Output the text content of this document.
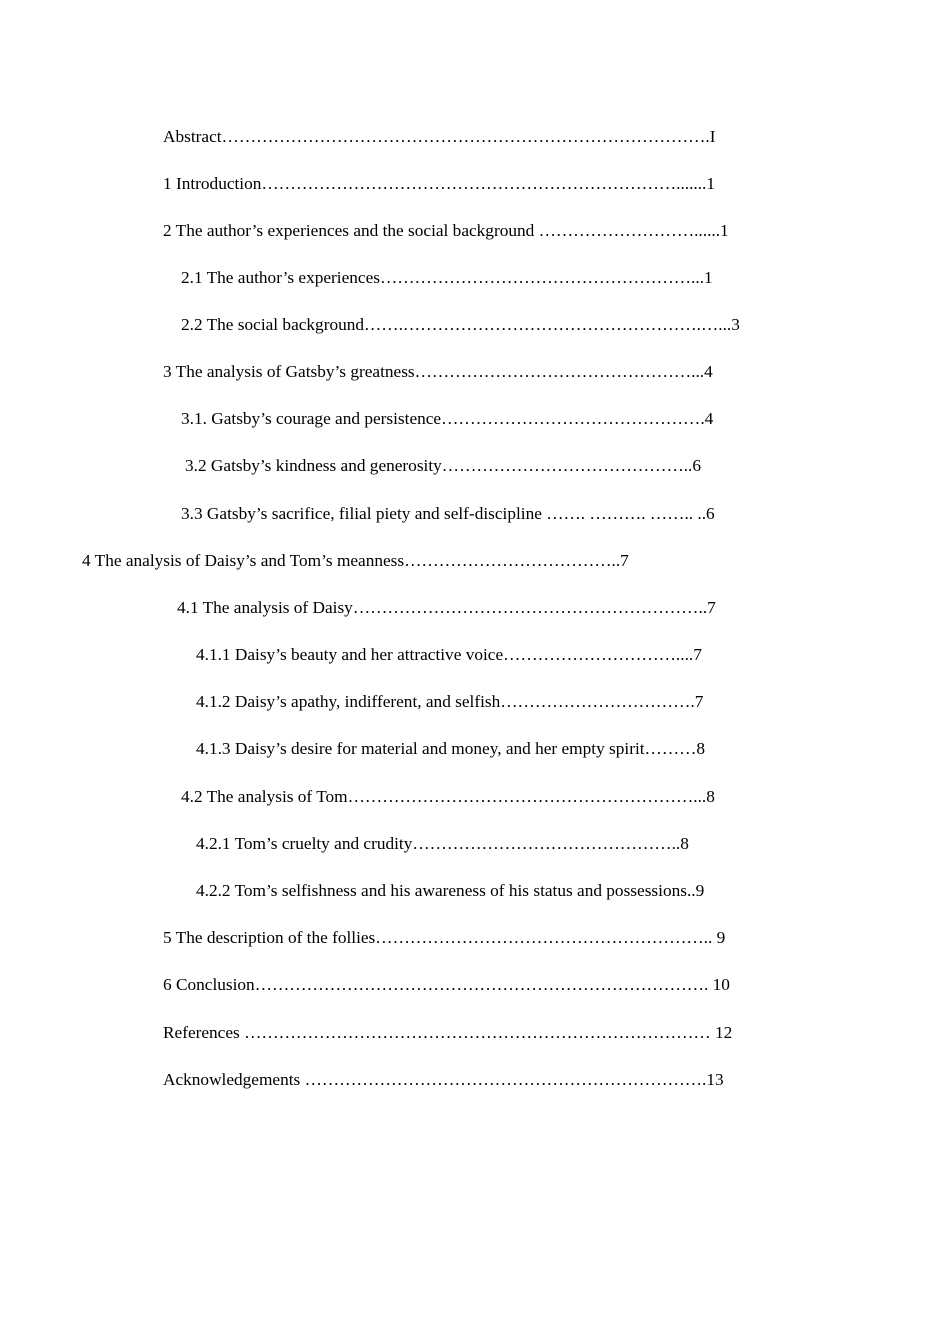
Abstract………………………………………………………………………….I

1 Introduction……………………………………………………………….......1

2 The author’s experiences and the social background ………………………......1

2.1 The author’s experiences………………………………………………...1

2.2 The social background…….…………………………………………….…...3

3 The analysis of Gatsby’s greatness…………………………………………...4

3.1. Gatsby’s courage and persistence……………………………………….4

3.2 Gatsby’s kindness and generosity……………………………………..6

3.3 Gatsby’s sacrifice, filial piety and self-discipline ……. ………. …….. ..6

4 The analysis of Daisy’s and Tom’s meanness………………………………..7

4.1 The analysis of Daisy……………………………………………………..7

4.1.1 Daisy’s beauty and her attractive voice…………………………....7

4.1.2 Daisy’s apathy, indifferent, and selfish…………………………….7

4.1.3 Daisy’s desire for material and money, and her empty spirit………8

4.2 The analysis of Tom……………………………………………………...8

4.2.1 Tom’s cruelty and crudity………………………………………..8

4.2.2 Tom’s selfishness and his awareness of his status and possessions..9

5 The description of the follies………………………………………………….. 9

6 Conclusion……………………………………………………………………. 10

References ……………………………………………………………………… 12

Acknowledgements …………………………………………………………….13
